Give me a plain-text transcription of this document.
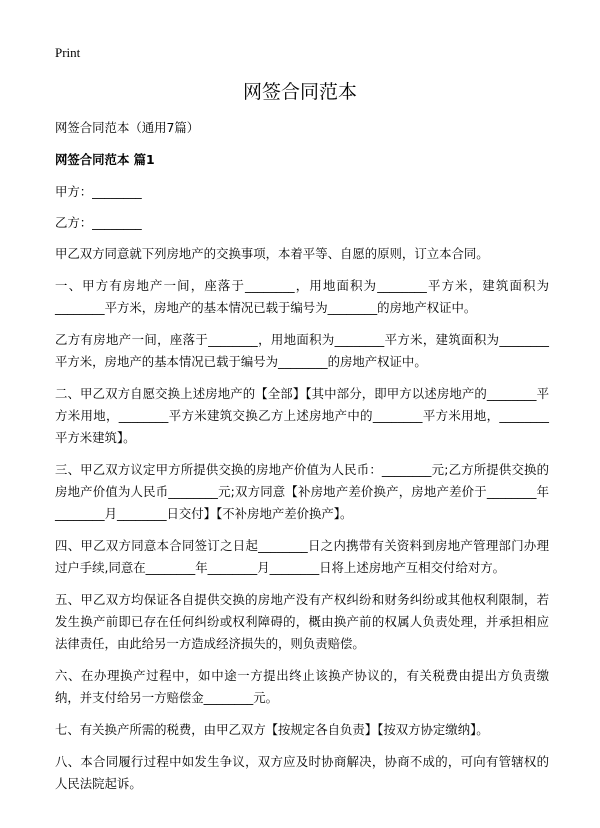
Print
网签合同范本

网签合同范本（通用7篇）

网签合同范本 篇1

甲方：________

乙方：________

甲乙双方同意就下列房地产的交换事项，本着平等、自愿的原则，订立本合同。

一、甲方有房地产一间，座落于________，用地面积为________平方米，建筑面积为________平方米，房地产的基本情况已载于编号为________的房地产权证中。

乙方有房地产一间，座落于________，用地面积为________平方米，建筑面积为________平方米，房地产的基本情况已载于编号为________的房地产权证中。

二、甲乙双方自愿交换上述房地产的【全部】【其中部分，即甲方以述房地产的________平方米用地，________平方米建筑交换乙方上述房地产中的________平方米用地，________平方米建筑】。

三、甲乙双方议定甲方所提供交换的房地产价值为人民币：________元;乙方所提供交换的房地产价值为人民币________元;双方同意【补房地产差价换产，房地产差价于________年________月________日交付】【不补房地产差价换产】。

四、甲乙双方同意本合同签订之日起________日之内携带有关资料到房地产管理部门办理过户手续,同意在________年________月________日将上述房地产互相交付给对方。

五、甲乙双方均保证各自提供交换的房地产没有产权纠纷和财务纠纷或其他权利限制，若发生换产前即已存在任何纠纷或权利障碍的，概由换产前的权属人负责处理，并承担相应法律责任，由此给另一方造成经济损失的，则负责赔偿。

六、在办理换产过程中，如中途一方提出终止该换产协议的，有关税费由提出方负责缴纳，并支付给另一方赔偿金________元。

七、有关换产所需的税费，由甲乙双方【按规定各自负责】【按双方协定缴纳】。

八、本合同履行过程中如发生争议，双方应及时协商解决，协商不成的，可向有管辖权的人民法院起诉。
